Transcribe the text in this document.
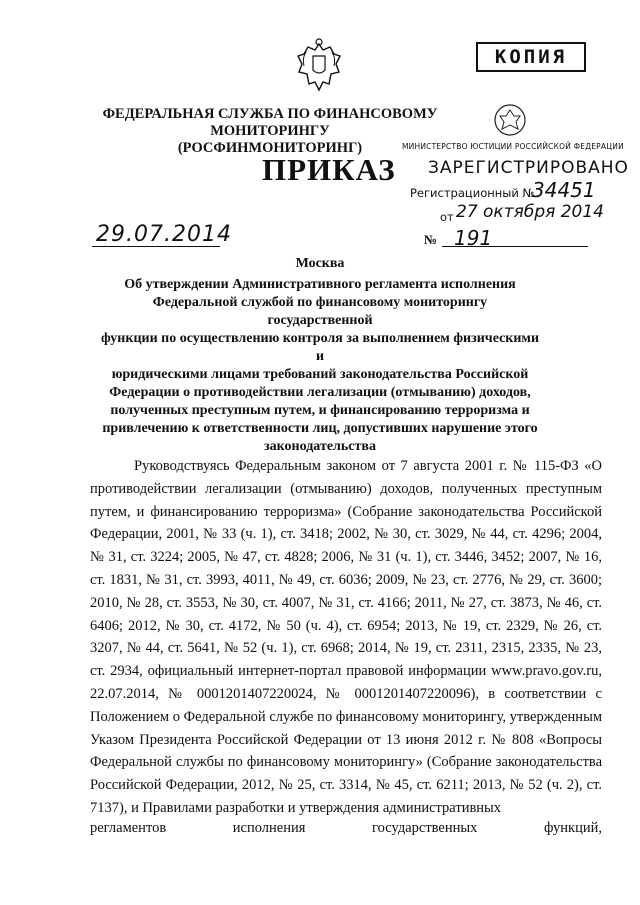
КОПИЯ
ФЕДЕРАЛЬНАЯ СЛУЖБА ПО ФИНАНСОВОМУ МОНИТОРИНГУ
(РОСФИНМОНИТОРИНГ)
ПРИКАЗ
29.07.2014	№ 191
МИНИСТЕРСТВО ЮСТИЦИИ РОССИЙСКОЙ ФЕДЕРАЦИИ
ЗАРЕГИСТРИРОВАНО
Регистрационный №
34451
от 27 октября 2014
Москва
Об утверждении Административного регламента исполнения
Федеральной службой по финансовому мониторингу государственной
функции по осуществлению контроля за выполнением физическими и
юридическими лицами требований законодательства Российской
Федерации о противодействии легализации (отмыванию) доходов,
полученных преступным путем, и финансированию терроризма и
привлечению к ответственности лиц, допустивших нарушение этого
законодательства

Руководствуясь Федеральным законом от 7 августа 2001 г. № 115-ФЗ «О противодействии легализации (отмыванию) доходов, полученных преступным путем, и финансированию терроризма» (Собрание законодательства Российской Федерации, 2001, № 33 (ч. 1), ст. 3418; 2002, № 30, ст. 3029, № 44, ст. 4296; 2004, № 31, ст. 3224; 2005, № 47, ст. 4828; 2006, № 31 (ч. 1), ст. 3446, 3452; 2007, № 16, ст. 1831, № 31, ст. 3993, 4011, № 49, ст. 6036; 2009, № 23, ст. 2776, № 29, ст. 3600; 2010, № 28, ст. 3553, № 30, ст. 4007, № 31, ст. 4166; 2011, № 27, ст. 3873, № 46, ст. 6406; 2012, № 30, ст. 4172, № 50 (ч. 4), ст. 6954; 2013, № 19, ст. 2329, № 26, ст. 3207, № 44, ст. 5641, № 52 (ч. 1), ст. 6968; 2014, № 19, ст. 2311, 2315, 2335, № 23, ст. 2934, официальный интернет-портал правовой информации www.pravo.gov.ru, 22.07.2014, № 0001201407220024, № 0001201407220096), в соответствии с Положением о Федеральной службе по финансовому мониторингу, утвержденным Указом Президента Российской Федерации от 13 июня 2012 г. № 808 «Вопросы Федеральной службы по финансовому мониторингу» (Собрание законодательства Российской Федерации, 2012, № 25, ст. 3314, № 45, ст. 6211; 2013, № 52 (ч. 2), ст. 7137), и Правилами разработки и утверждения административных

регламентов	исполнения	государственных	функций,
